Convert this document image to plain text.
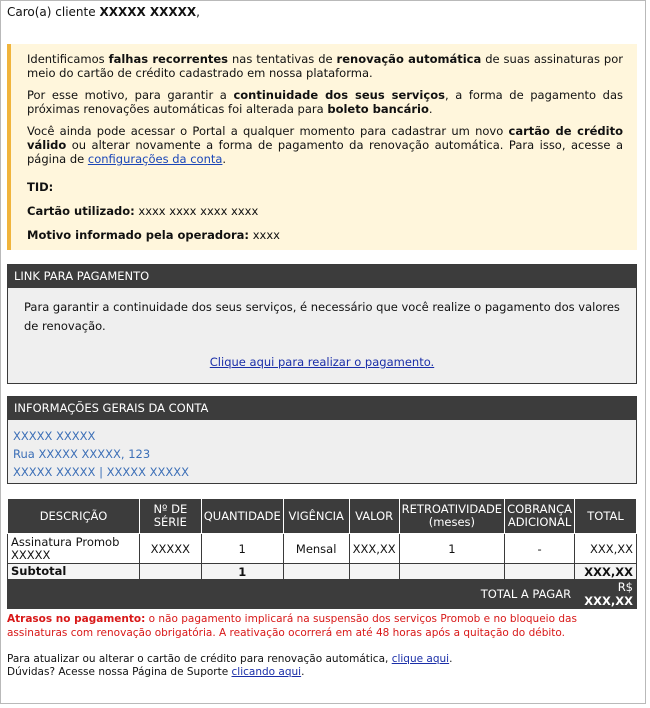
Caro(a) cliente XXXXX XXXXX,

Identificamos falhas recorrentes nas tentativas de renovação automática de suas assinaturas por meio do cartão de crédito cadastrado em nossa plataforma.

Por esse motivo, para garantir a continuidade dos seus serviços, a forma de pagamento das próximas renovações automáticas foi alterada para boleto bancário.

Você ainda pode acessar o Portal a qualquer momento para cadastrar um novo cartão de crédito válido ou alterar novamente a forma de pagamento da renovação automática. Para isso, acesse a página de configurações da conta.

TID:

Cartão utilizado: xxxx xxxx xxxx xxxx

Motivo informado pela operadora: xxxx

LINK PARA PAGAMENTO
Para garantir a continuidade dos seus serviços, é necessário que você realize o pagamento dos valores de renovação.
Clique aqui para realizar o pagamento.
INFORMAÇÕES GERAIS DA CONTA
XXXXX XXXXX
Rua XXXXX XXXXX, 123
XXXXX XXXXX | XXXXX XXXXX
DESCRIÇÃO	Nº DE SÉRIE	QUANTIDADE	VIGÊNCIA	VALOR	RETROATIVIDADE (meses)	COBRANÇA ADICIONAL	TOTAL
Assinatura Promob XXXXX	XXXXX	1	Mensal	XXX,XX	1	-	XXX,XX
Subtotal		1					XXX,XX
TOTAL A PAGAR							R$ XXX,XX
Atrasos no pagamento: o não pagamento implicará na suspensão dos serviços Promob e no bloqueio das assinaturas com renovação obrigatória. A reativação ocorrerá em até 48 horas após a quitação do débito.
Para atualizar ou alterar o cartão de crédito para renovação automática, clique aqui.
Dúvidas? Acesse nossa Página de Suporte clicando aqui.
